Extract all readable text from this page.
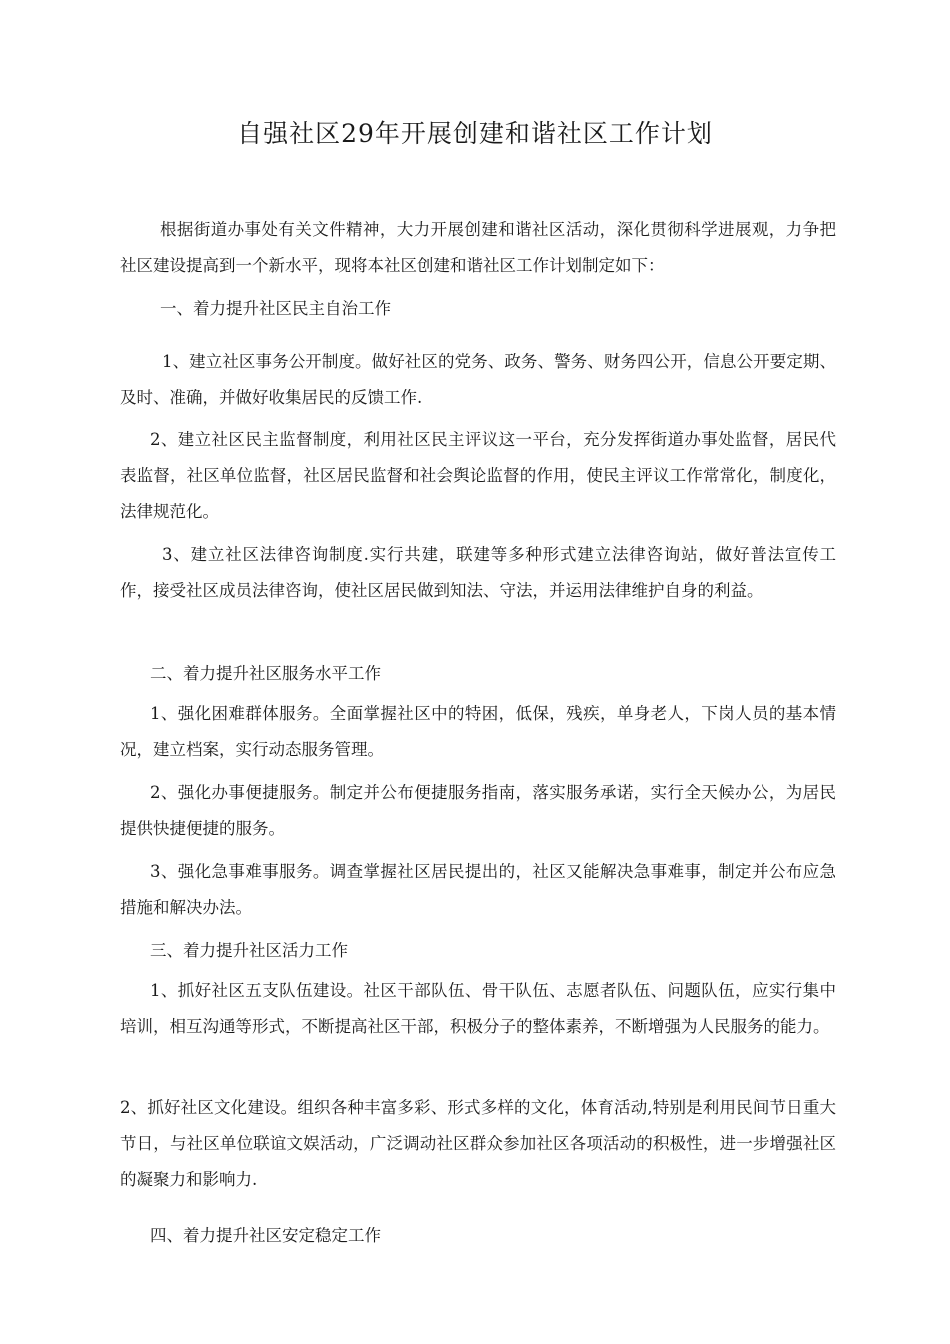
自强社区29年开展创建和谐社区工作计划
根据街道办事处有关文件精神，大力开展创建和谐社区活动，深化贯彻科学进展观，力争把社区建设提高到一个新水平，现将本社区创建和谐社区工作计划制定如下：
一、着力提升社区民主自治工作
1、建立社区事务公开制度。做好社区的党务、政务、警务、财务四公开，信息公开要定期、及时、准确，并做好收集居民的反馈工作.
2、建立社区民主监督制度，利用社区民主评议这一平台，充分发挥街道办事处监督，居民代表监督，社区单位监督，社区居民监督和社会舆论监督的作用，使民主评议工作常常化，制度化，法律规范化。
3、建立社区法律咨询制度.实行共建，联建等多种形式建立法律咨询站，做好普法宣传工作，接受社区成员法律咨询，使社区居民做到知法、守法，并运用法律维护自身的利益。
二、着力提升社区服务水平工作
1、强化困难群体服务。全面掌握社区中的特困，低保，残疾，单身老人，下岗人员的基本情况，建立档案，实行动态服务管理。
2、强化办事便捷服务。制定并公布便捷服务指南，落实服务承诺，实行全天候办公，为居民提供快捷便捷的服务。
3、强化急事难事服务。调查掌握社区居民提出的，社区又能解决急事难事，制定并公布应急措施和解决办法。
三、着力提升社区活力工作
1、抓好社区五支队伍建设。社区干部队伍、骨干队伍、志愿者队伍、问题队伍，应实行集中培训，相互沟通等形式，不断提高社区干部，积极分子的整体素养，不断增强为人民服务的能力。
2、抓好社区文化建设。组织各种丰富多彩、形式多样的文化，体育活动,特别是利用民间节日重大节日，与社区单位联谊文娱活动，广泛调动社区群众参加社区各项活动的积极性，进一步增强社区的凝聚力和影响力.
四、着力提升社区安定稳定工作
